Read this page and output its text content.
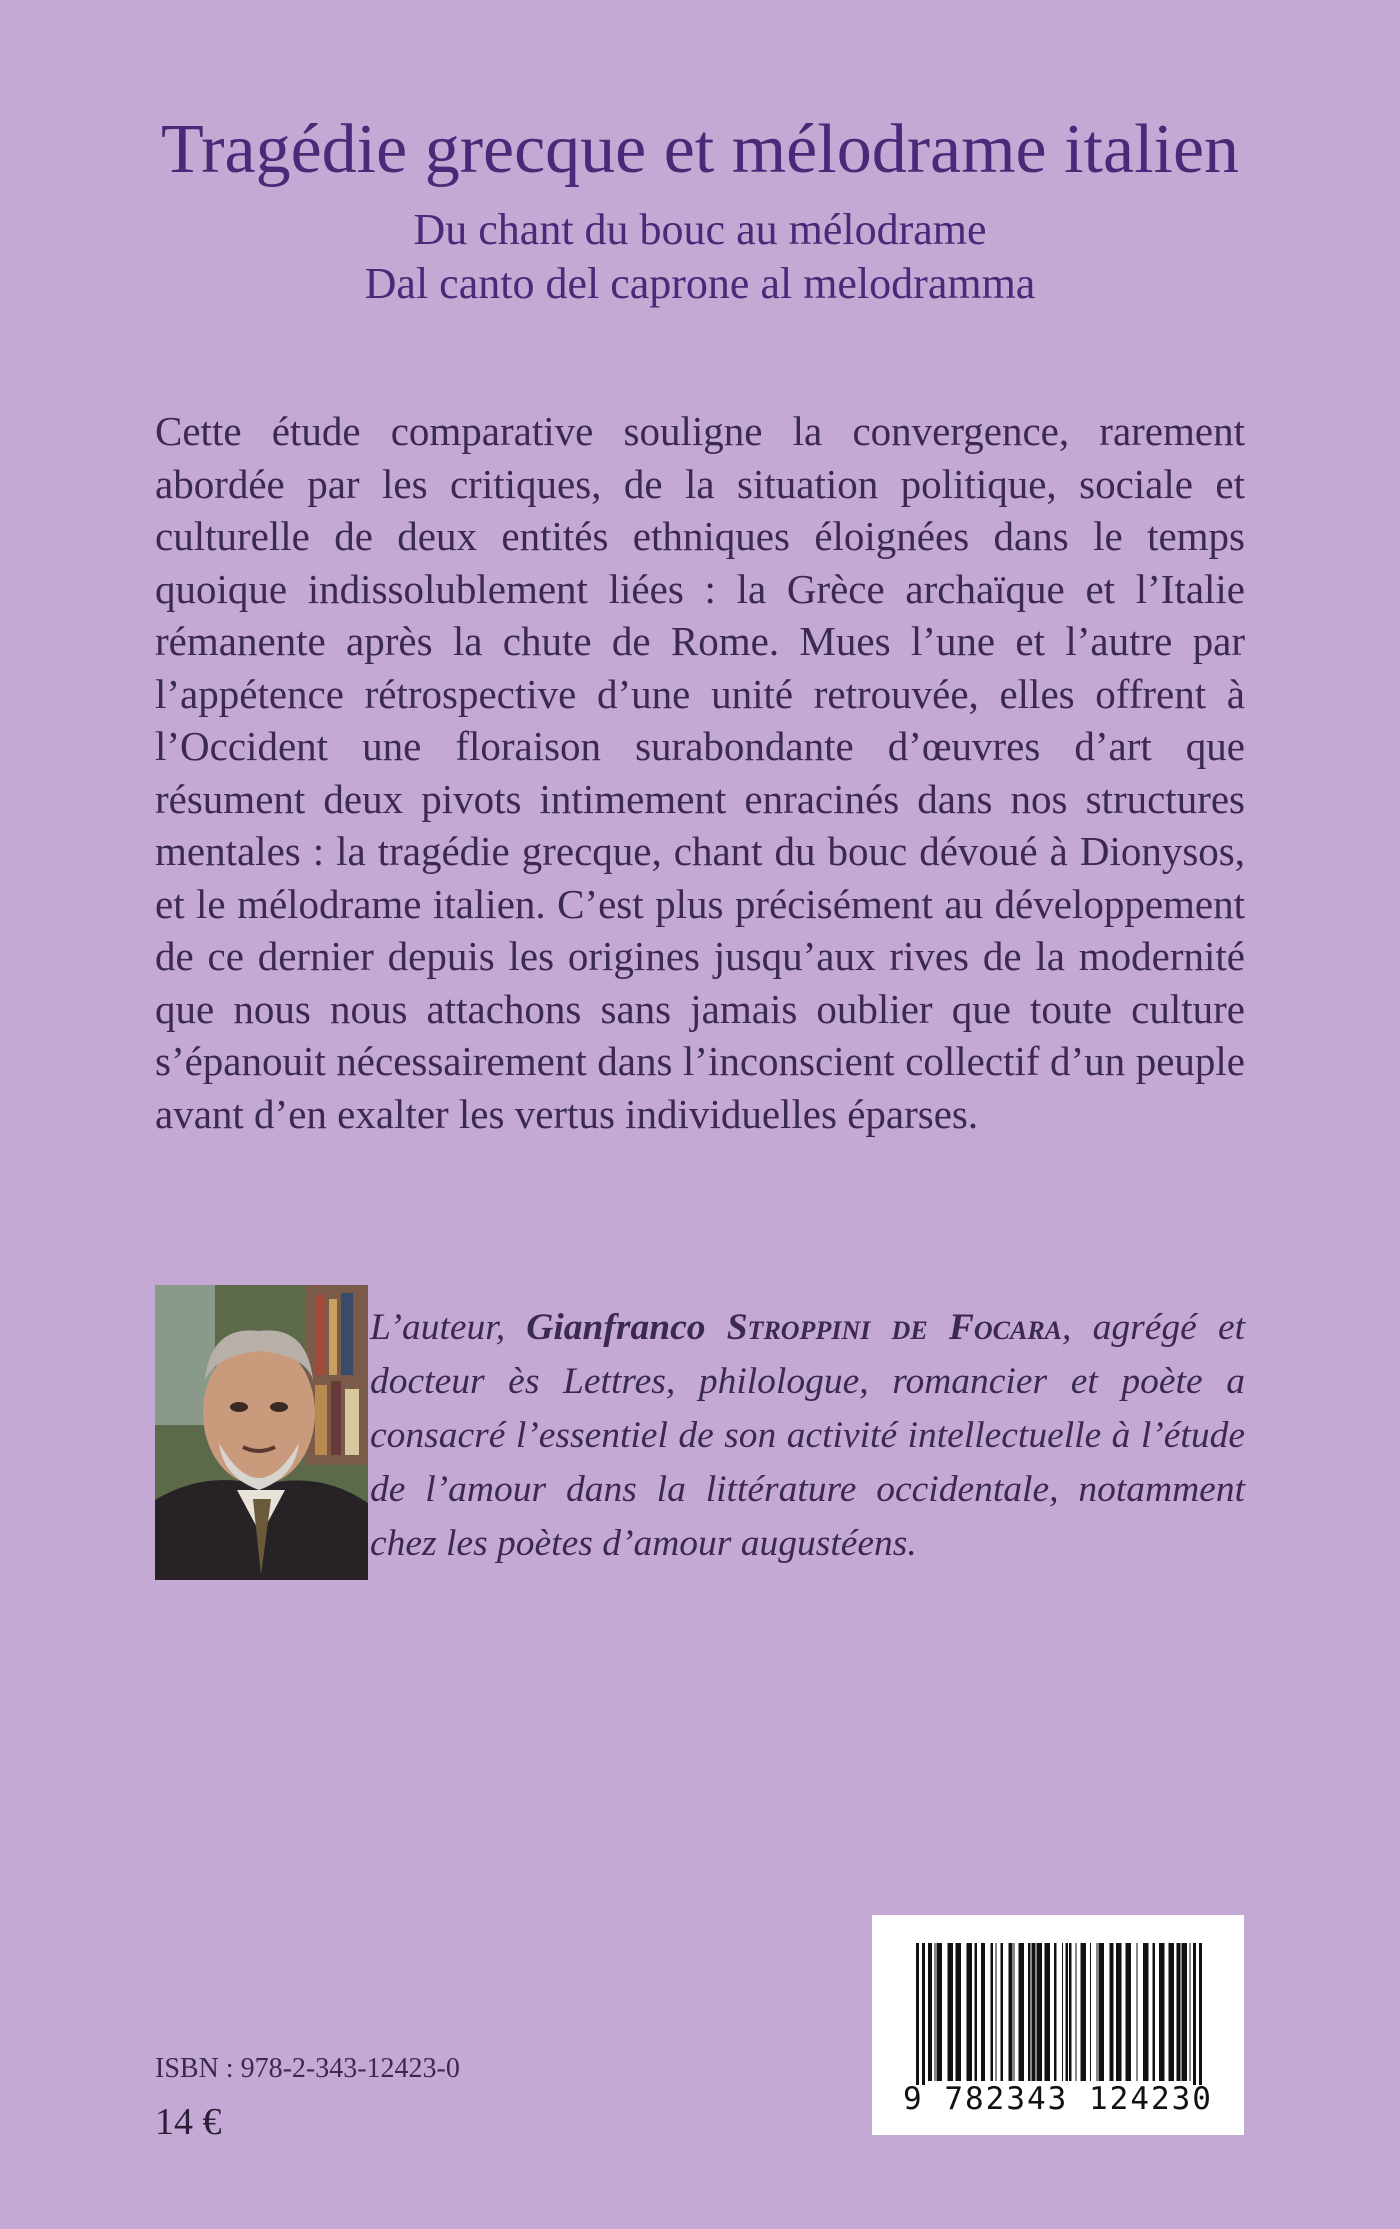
Tragédie grecque et mélodrame italien

Du chant du bouc au mélodrame

Dal canto del caprone al melodramma

Cette étude comparative souligne la convergence, rarement abordée par les critiques, de la situation politique, sociale et culturelle de deux entités ethniques éloignées dans le temps quoique indissolublement liées : la Grèce archaïque et l’Italie rémanente après la chute de Rome. Mues l’une et l’autre par l’appétence rétrospective d’une unité retrouvée, elles offrent à l’Occident une floraison surabondante d’œuvres d’art que résument deux pivots intimement enracinés dans nos structures mentales : la tragédie grecque, chant du bouc dévoué à Dionysos, et le mélodrame italien. C’est plus précisément au développement de ce dernier depuis les origines jusqu’aux rives de la modernité que nous nous attachons sans jamais oublier que toute culture s’épanouit nécessairement dans l’inconscient collectif d’un peuple avant d’en exalter les vertus individuelles éparses.

L’auteur, Gianfranco Stroppini de Focara, agrégé et docteur ès Lettres, philologue, romancier et poète a consacré l’essentiel de son activité intellectuelle à l’étude de l’amour dans la littérature occidentale, notamment chez les poètes d’amour augustéens.

ISBN : 978-2-343-12423-0
14 €
9 782343 124230
